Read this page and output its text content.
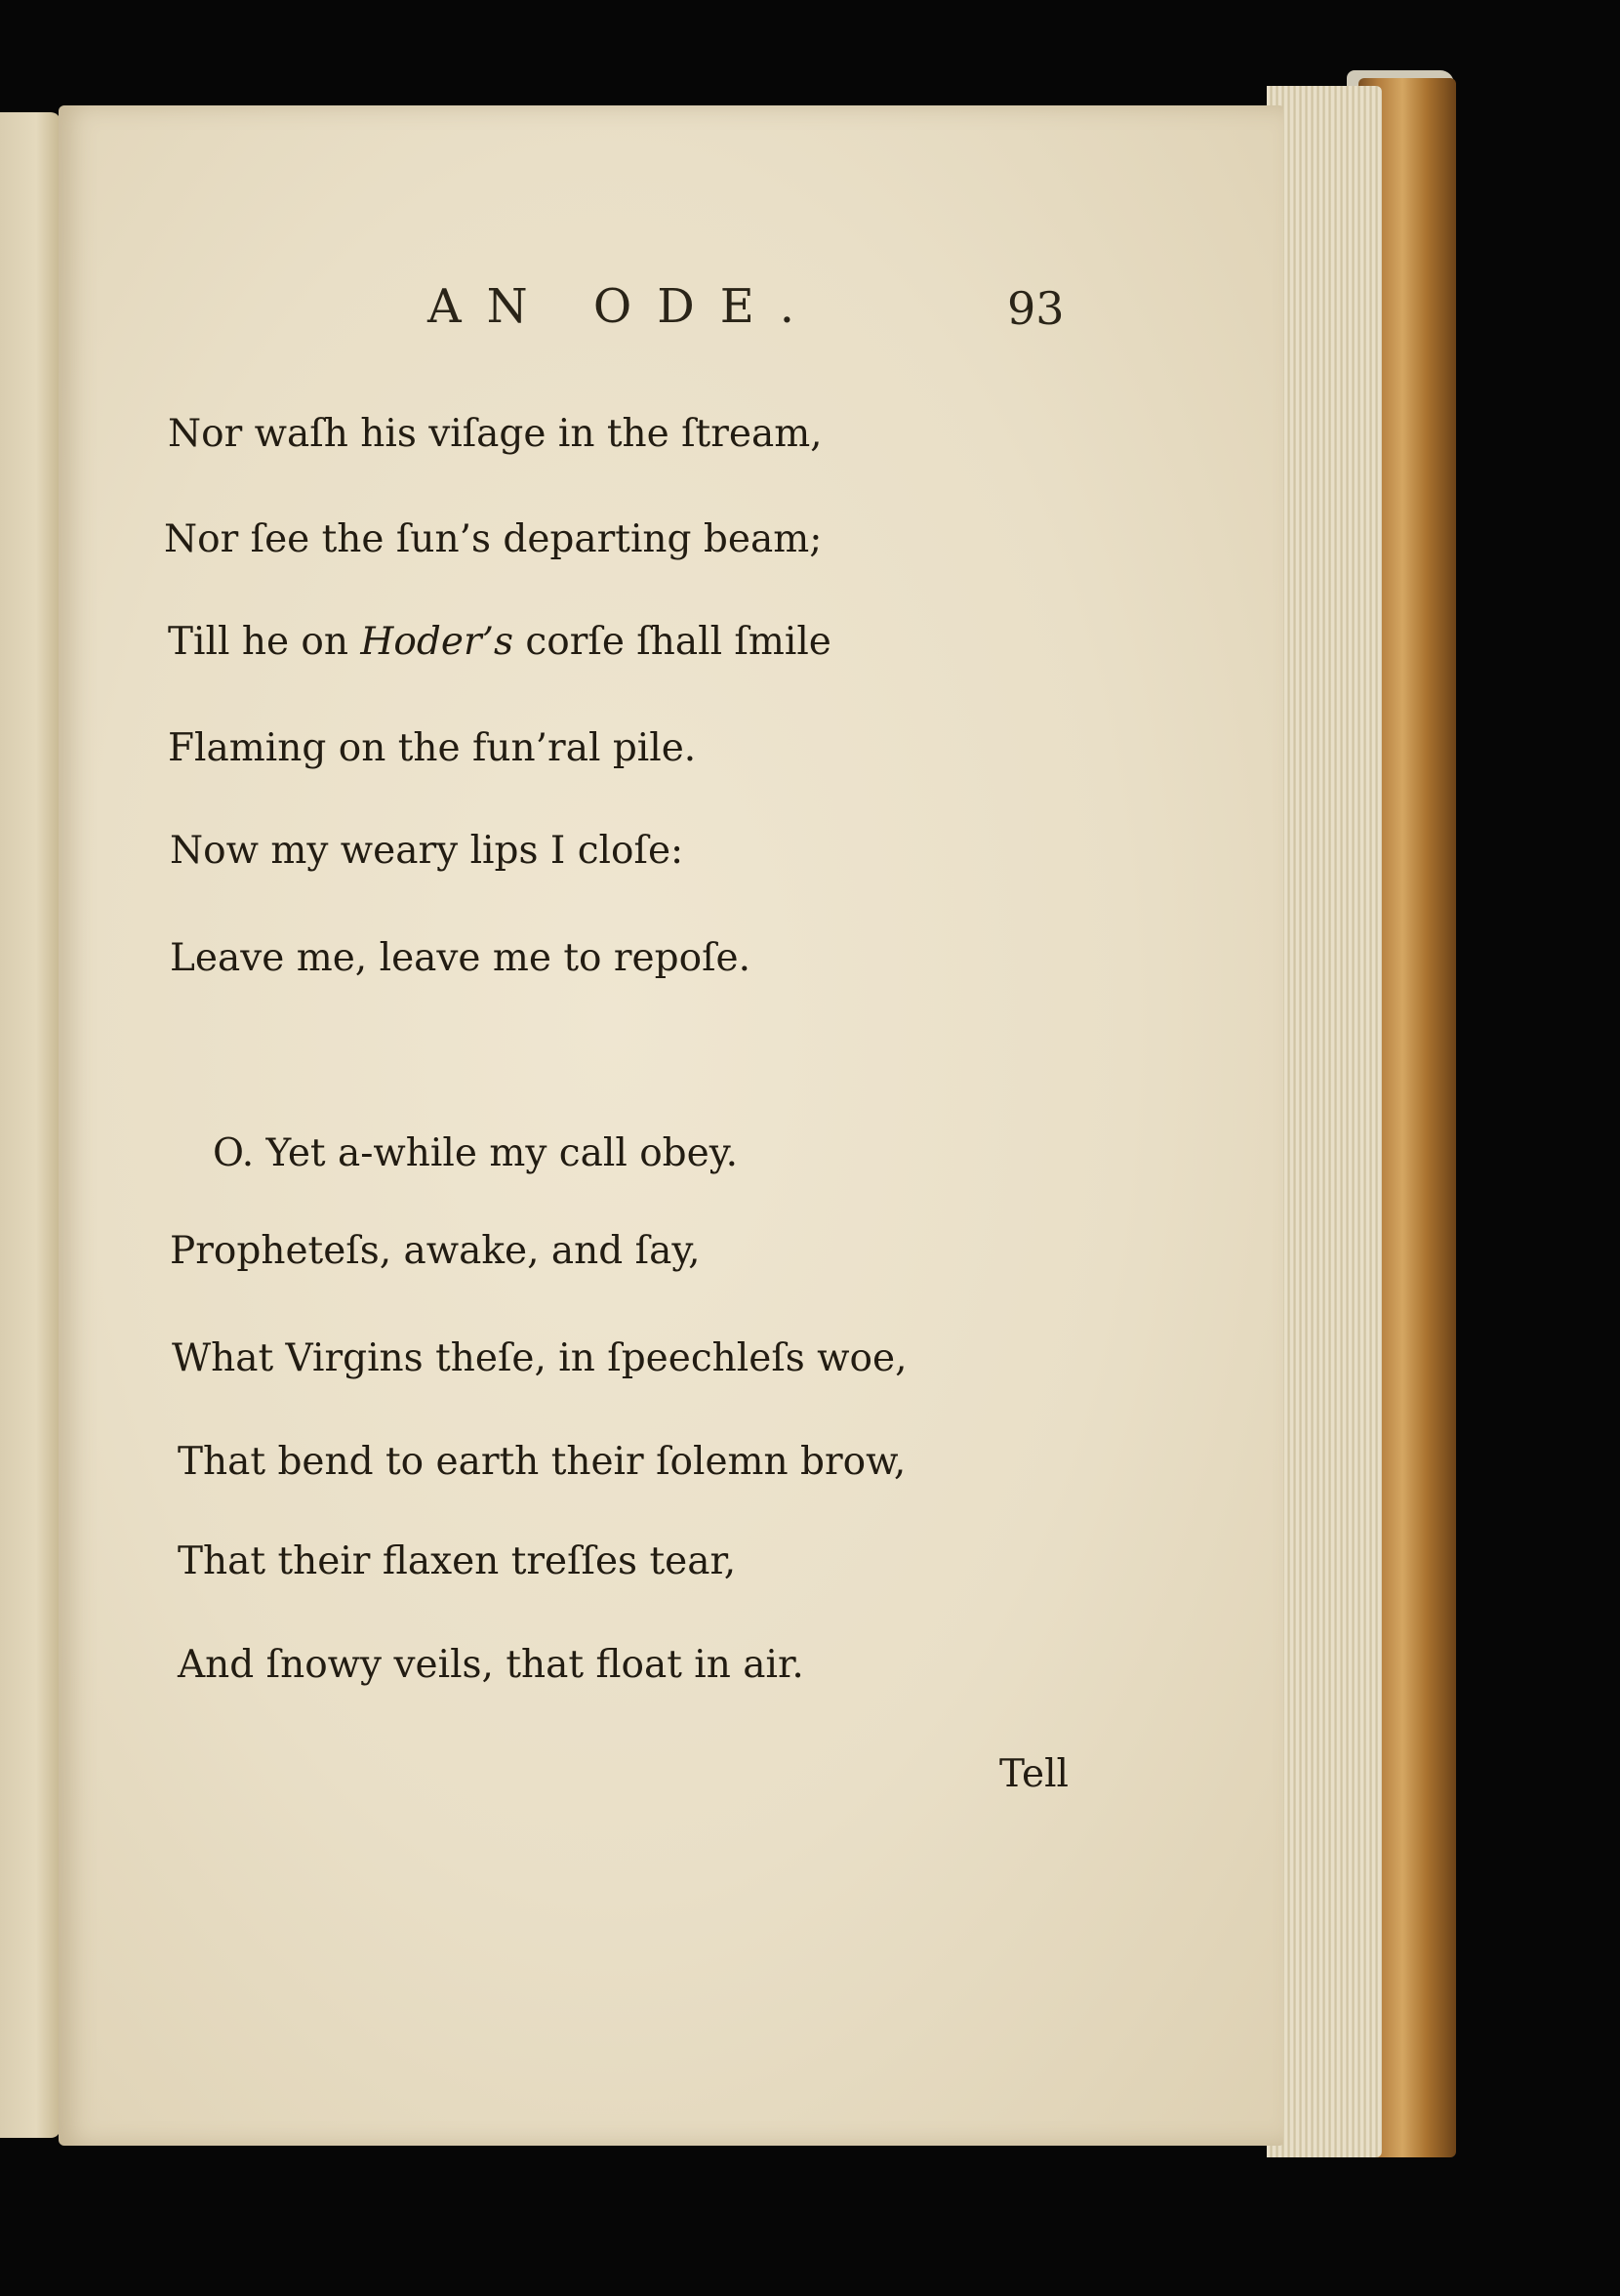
AN ODE.	93
Nor waſh his viſage in the ſtream,
Nor ſee the ſun’s departing beam;
Till he on Hoder’s corſe ſhall ſmile
Flaming on the fun’ral pile.
Now my weary lips I cloſe:
Leave me, leave me to repoſe.
O. Yet a-while my call obey.
Propheteſs, awake, and ſay,
What Virgins theſe, in ſpeechleſs woe,
That bend to earth their ſolemn brow,
That their flaxen treſſes tear,
And ſnowy veils, that float in air.
Tell
